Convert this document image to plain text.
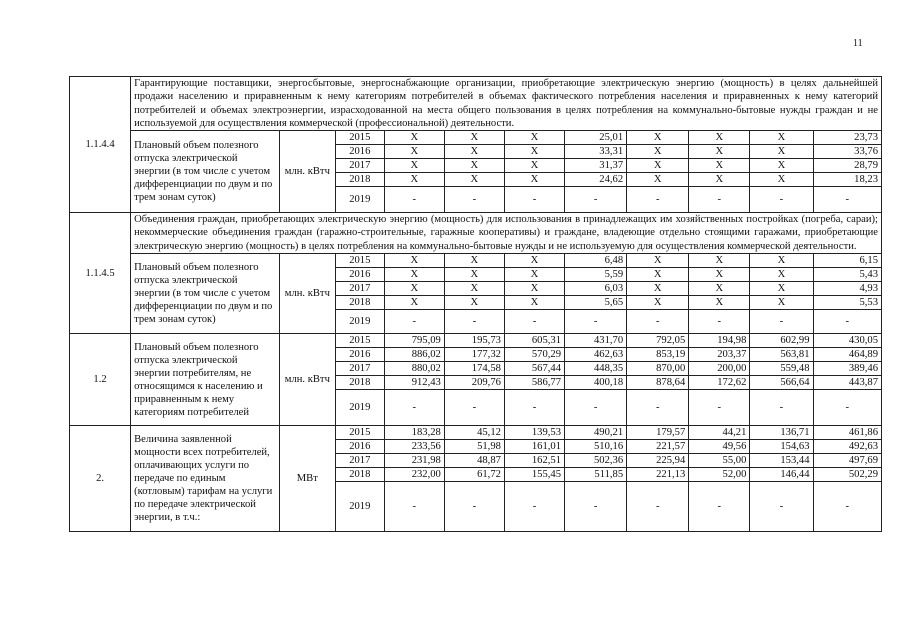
11
1.1.4.4	Гарантирующие поставщики, энергосбытовые, энергоснабжающие организации, приобретающие электрическую энергию (мощность) в целях дальнейшей продажи населению и приравненным к нему категориям потребителей в объемах фактического потребления населения и приравненных к нему категорий потребителей и объемах электроэнергии, израсходованной на места общего пользования в целях потребления на коммунально-бытовые нужды граждан и не используемой для осуществления коммерческой (профессиональной) деятельности.										
	Плановый объем полезного отпуска электрической энергии (в том числе с учетом дифференциации по двум и по трем зонам суток)	млн. кВтч	2015	Х	Х	Х	25,01	Х	Х	Х	23,73
			2016	Х	Х	Х	33,31	Х	Х	Х	33,76
			2017	Х	Х	Х	31,37	Х	Х	Х	28,79
			2018	Х	Х	Х	24,62	Х	Х	Х	18,23
			2019	-	-	-	-	-	-	-	-
1.1.4.5	Объединения граждан, приобретающих электрическую энергию (мощность) для использования в принадлежащих им хозяйственных постройках (погреба, сараи); некоммерческие объединения граждан (гаражно-строительные, гаражные кооперативы) и граждане, владеющие отдельно стоящими гаражами, приобретающие электрическую энергию (мощность) в целях потребления на коммунально-бытовые нужды и не используемую для осуществления коммерческой деятельности.										
	Плановый объем полезного отпуска электрической энергии (в том числе с учетом дифференциации по двум и по трем зонам суток)	млн. кВтч	2015	Х	Х	Х	6,48	Х	Х	Х	6,15
			2016	Х	Х	Х	5,59	Х	Х	Х	5,43
			2017	Х	Х	Х	6,03	Х	Х	Х	4,93
			2018	Х	Х	Х	5,65	Х	Х	Х	5,53
			2019	-	-	-	-	-	-	-	-
1.2	Плановый объем полезного отпуска электрической энергии потребителям, не относящимся к населению и приравненным к нему категориям потребителей	млн. кВтч	2015	795,09	195,73	605,31	431,70	792,05	194,98	602,99	430,05
			2016	886,02	177,32	570,29	462,63	853,19	203,37	563,81	464,89
			2017	880,02	174,58	567,44	448,35	870,00	200,00	559,48	389,46
			2018	912,43	209,76	586,77	400,18	878,64	172,62	566,64	443,87
			2019	-	-	-	-	-	-	-	-
2.	Величина заявленной мощности всех потребителей, оплачивающих услуги по передаче по единым (котловым) тарифам на услуги по передаче электрической энергии, в т.ч.:	МВт	2015	183,28	45,12	139,53	490,21	179,57	44,21	136,71	461,86
			2016	233,56	51,98	161,01	510,16	221,57	49,56	154,63	492,63
			2017	231,98	48,87	162,51	502,36	225,94	55,00	153,44	497,69
			2018	232,00	61,72	155,45	511,85	221,13	52,00	146,44	502,29
			2019	-	-	-	-	-	-	-	-
